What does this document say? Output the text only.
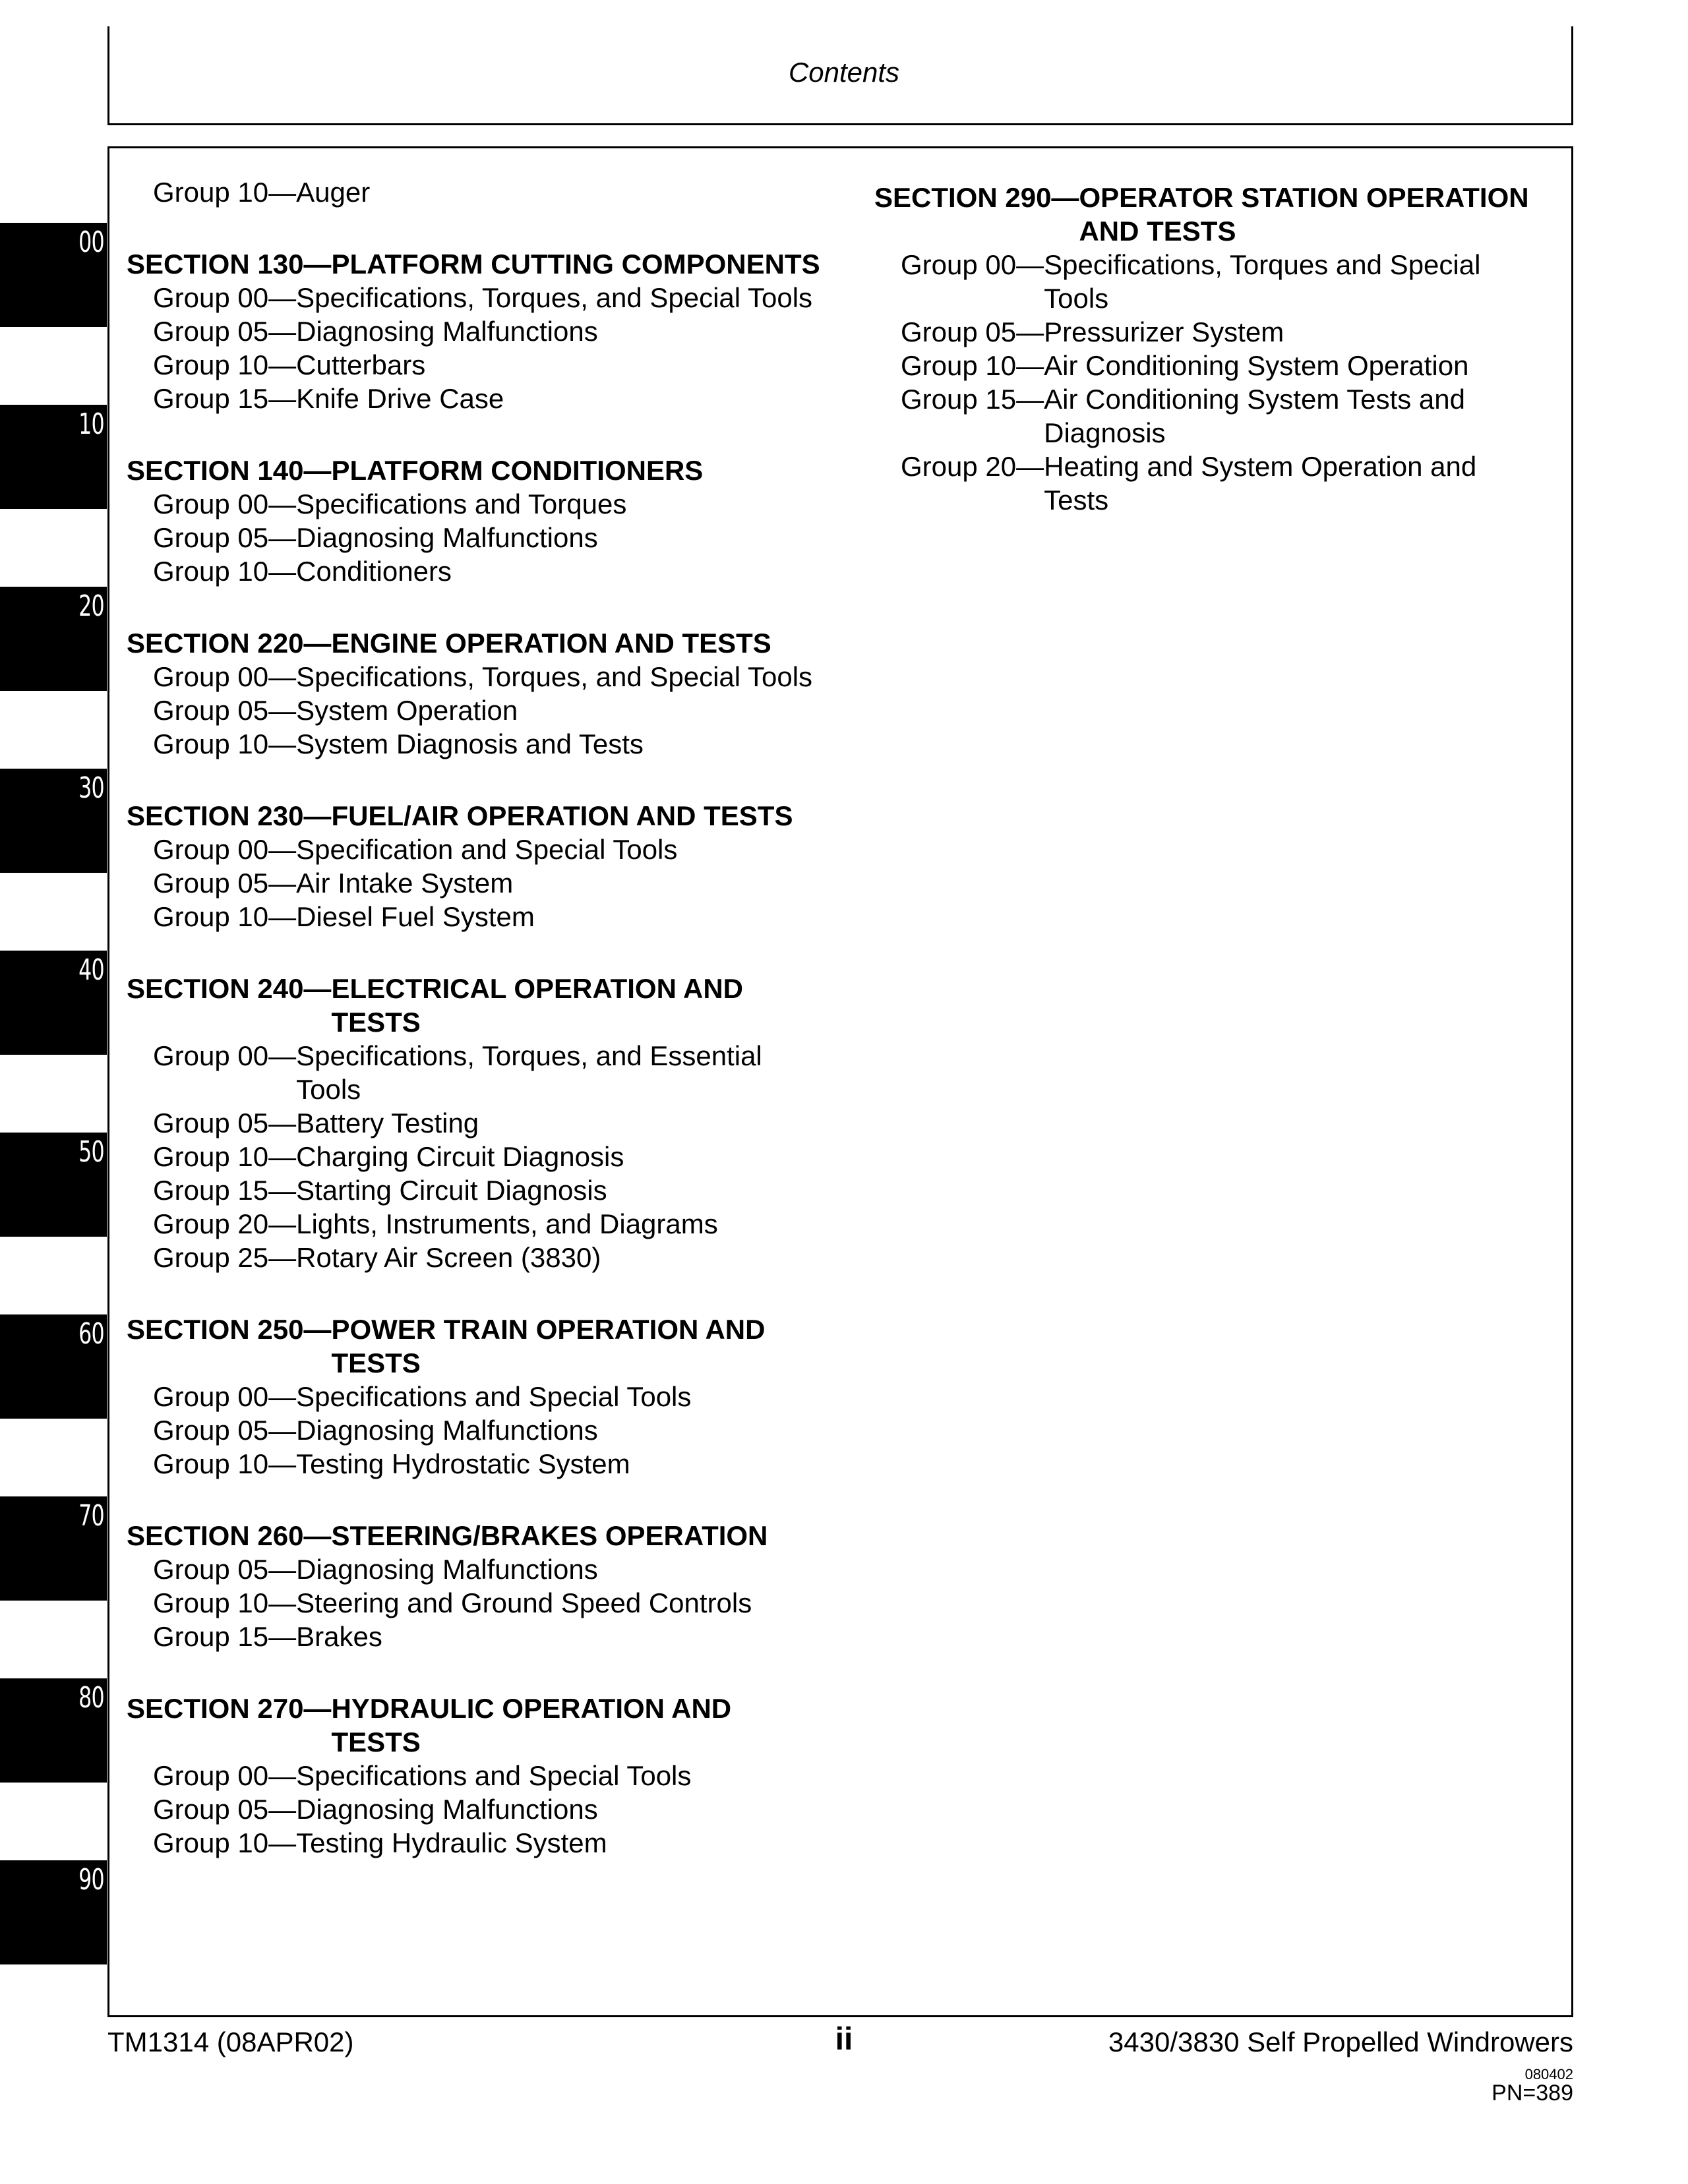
Contents
00
10
20
30
40
50
60
70
80
90
Group 10— Auger
SECTION 130— PLATFORM CUTTING COMPONENTS
Group 00— Specifications, Torques, and Special Tools
Group 05— Diagnosing Malfunctions
Group 10— Cutterbars
Group 15— Knife Drive Case
SECTION 140— PLATFORM CONDITIONERS
Group 00— Specifications and Torques
Group 05— Diagnosing Malfunctions
Group 10— Conditioners
SECTION 220— ENGINE OPERATION AND TESTS
Group 00— Specifications, Torques, and Special Tools
Group 05— System Operation
Group 10— System Diagnosis and Tests
SECTION 230— FUEL/AIR OPERATION AND TESTS
Group 00— Specification and Special Tools
Group 05— Air Intake System
Group 10— Diesel Fuel System
SECTION 240— ELECTRICAL OPERATION AND TESTS
Group 00— Specifications, Torques, and Essential Tools
Group 05— Battery Testing
Group 10— Charging Circuit Diagnosis
Group 15— Starting Circuit Diagnosis
Group 20— Lights, Instruments, and Diagrams
Group 25— Rotary Air Screen (3830)
SECTION 250— POWER TRAIN OPERATION AND TESTS
Group 00— Specifications and Special Tools
Group 05— Diagnosing Malfunctions
Group 10— Testing Hydrostatic System
SECTION 260— STEERING/BRAKES OPERATION
Group 05— Diagnosing Malfunctions
Group 10— Steering and Ground Speed Controls
Group 15— Brakes
SECTION 270— HYDRAULIC OPERATION AND TESTS
Group 00— Specifications and Special Tools
Group 05— Diagnosing Malfunctions
Group 10— Testing Hydraulic System
SECTION 290— OPERATOR STATION OPERATION AND TESTS
Group 00— Specifications, Torques and Special Tools
Group 05— Pressurizer System
Group 10— Air Conditioning System Operation
Group 15— Air Conditioning System Tests and Diagnosis
Group 20— Heating and System Operation and Tests
TM1314 (08APR02)	ii	3430/3830 Self Propelled Windrowers
080402
PN=389
